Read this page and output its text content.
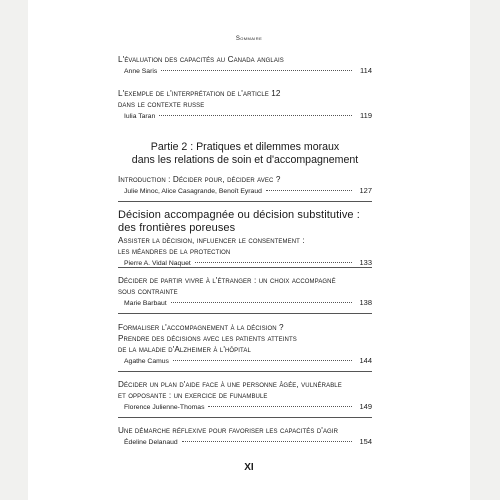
Sommaire
L'évaluation des capacités au Canada anglais
Anne Saris	114
L'exemple de l'interprétation de l'article 12
dans le contexte russe
Iulia Taran	119
Partie 2 : Pratiques et dilemmes moraux
dans les relations de soin et d'accompagnement
Introduction : Décider pour, décider avec ?
Julie Minoc, Alice Casagrande, Benoît Eyraud	127
Décision accompagnée ou décision substitutive :
des frontières poreuses
Assister la décision, influencer le consentement :
les méandres de la protection
Pierre A. Vidal Naquet	133
Décider de partir vivre à l'étranger : un choix accompagné
sous contrainte
Marie Barbaut	138
Formaliser l'accompagnement à la décision ?
Prendre des décisions avec les patients atteints
de la maladie d'Alzheimer à l'hôpital
Agathe Camus	144
Décider un plan d'aide face à une personne âgée, vulnérable
et opposante : un exercice de funambule
Florence Julienne-Thomas	149
Une démarche réflexive pour favoriser les capacités d'agir
Édeline Delanaud	154
XI
